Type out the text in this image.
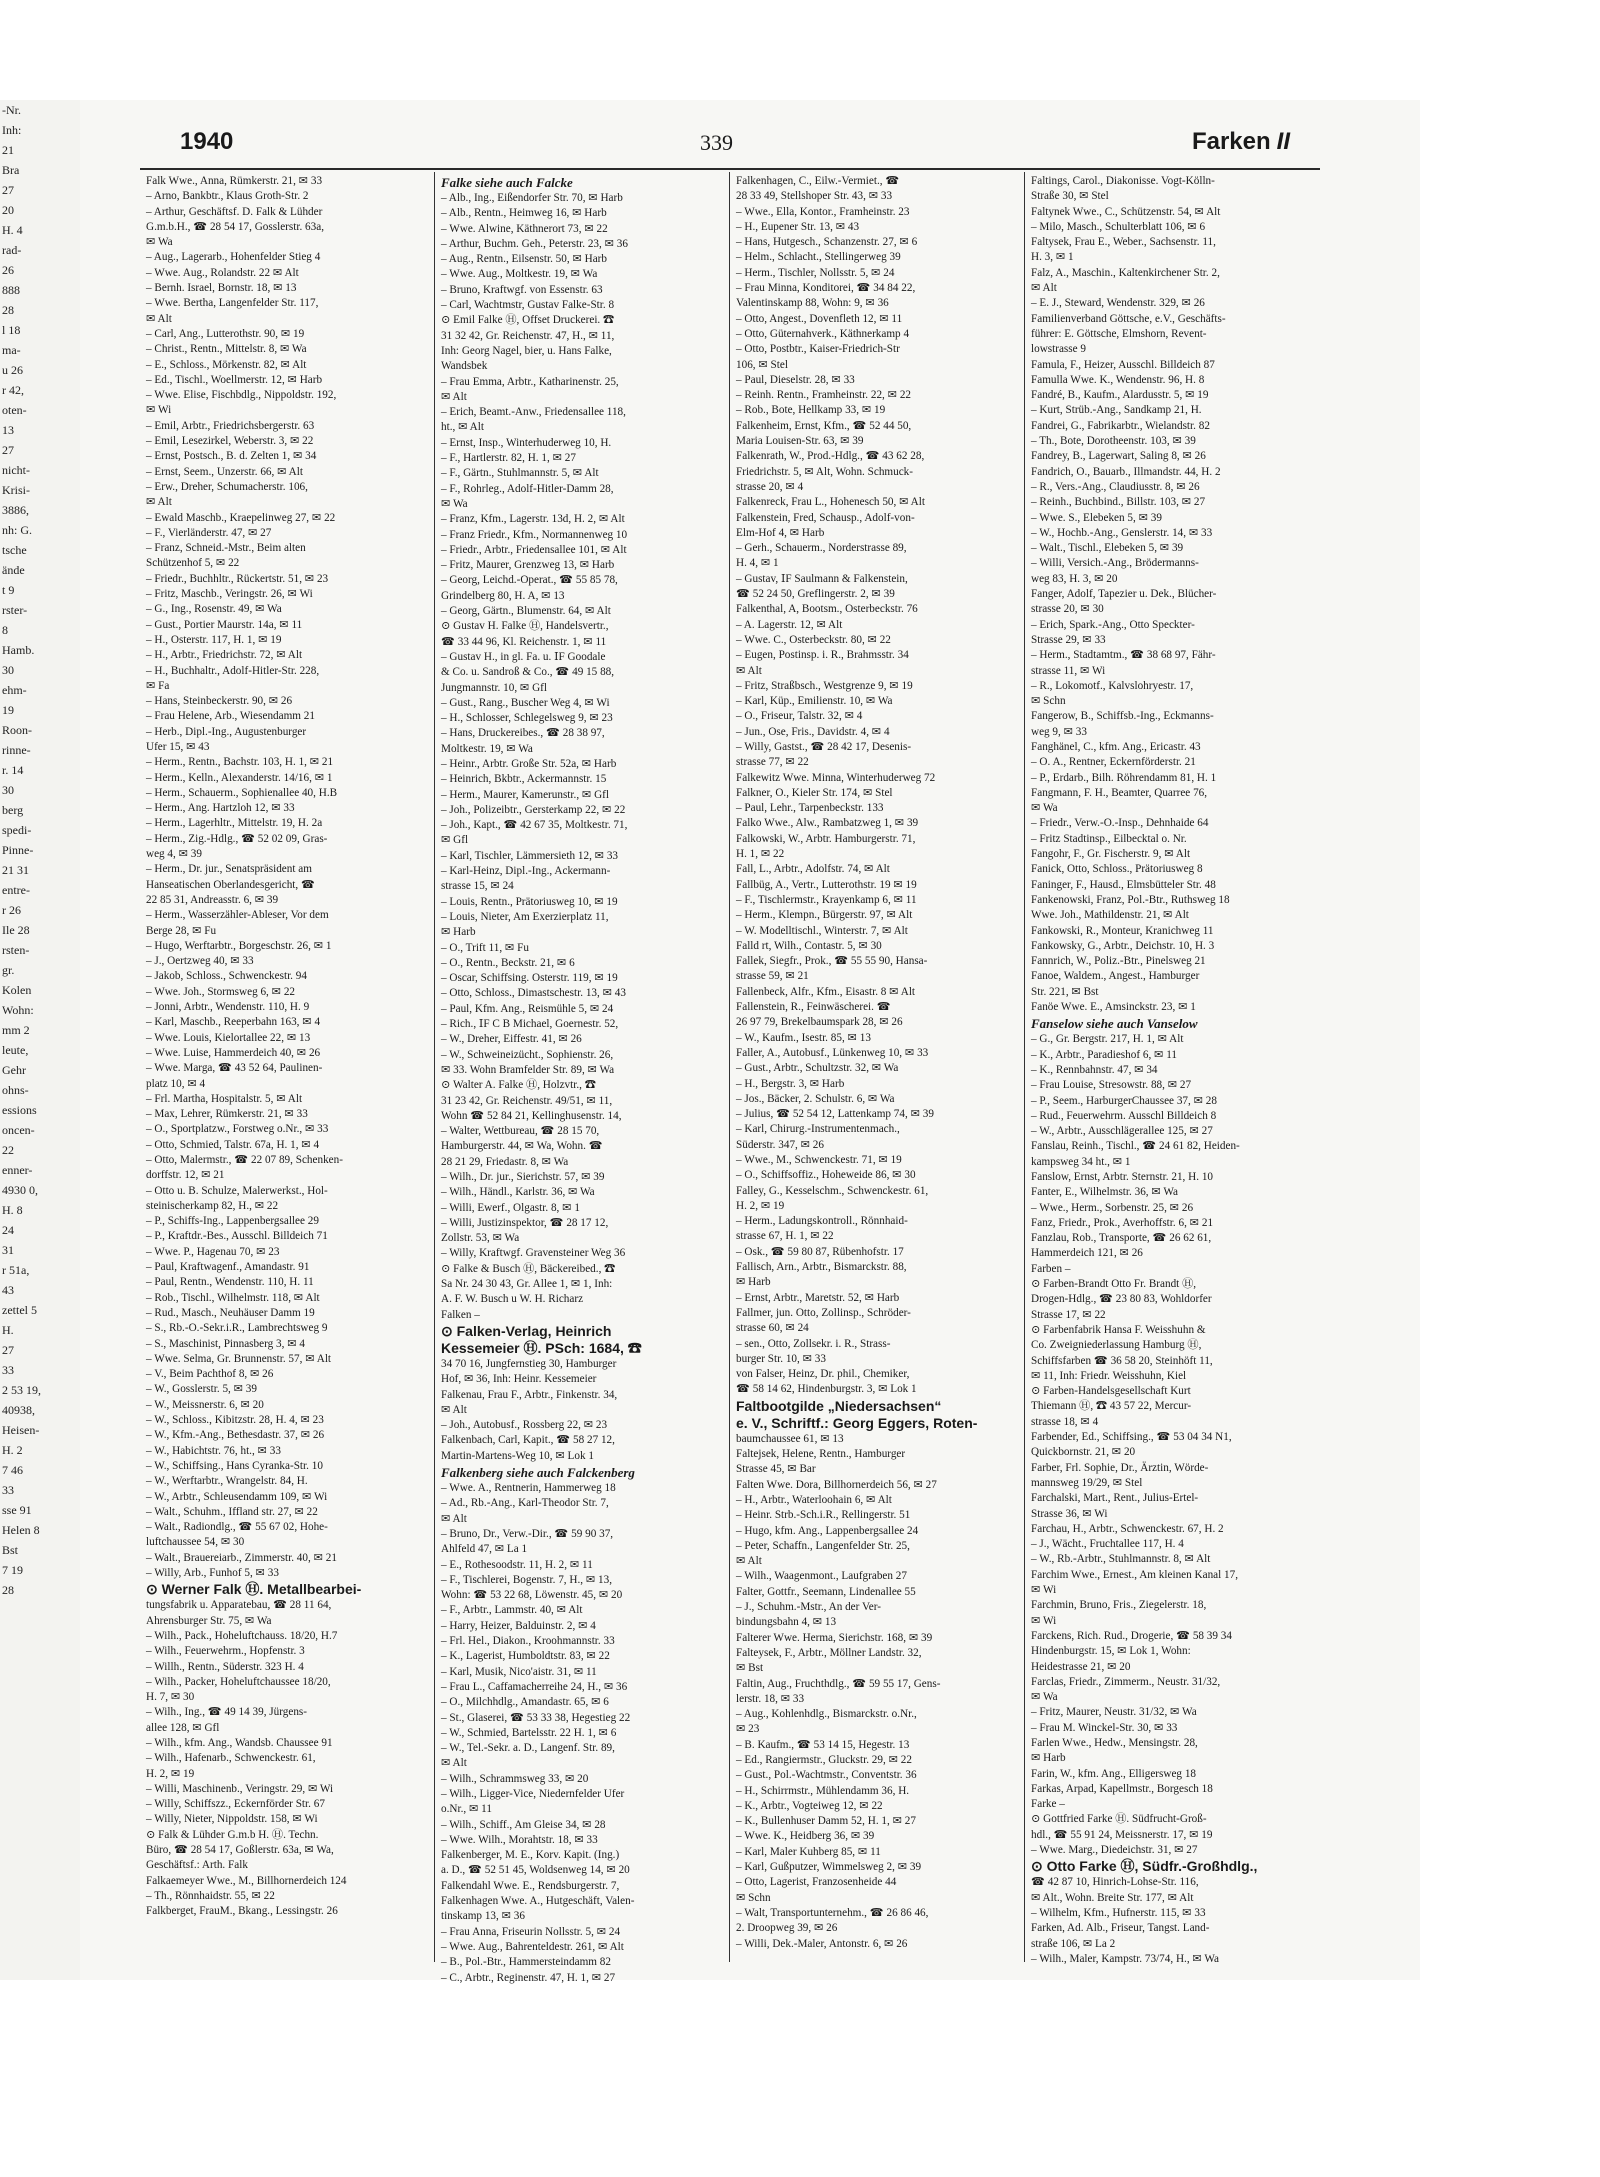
-Nr.
Inh:
21
Bra
27
20
H. 4
rad-
26
888
28
l 18
ma-
u 26
r 42,
oten-
13
27
nicht-
Krisi-
3886,
nh: G.
tsche
ände
t 9
rster-
8
Hamb.
30
ehm-
19
Roon-
rinne-
r. 14
30
berg
spedi-
Pinne-
21 31
entre-
r 26
Ile 28
rsten-
gr.
Kolen
Wohn:
mm 2
leute,
Gehr
ohns-
essions
oncen-
22
enner-
4930 0,
H. 8
24
31
r 51a,
43
zettel 5
H.
27
33
2 53 19,
40938,
Heisen-
H. 2
7 46
33
sse 91
Helen 8
Bst
7 19
28
1940	339	Farken II
Falk Wwe., Anna, Rümkerstr. 21, ✉ 33
– Arno, Bankbtr., Klaus Groth-Str. 2
– Arthur, Geschäftsf. D. Falk & Lühder
G.m.b.H., ☎ 28 54 17, Gosslerstr. 63a,
✉ Wa
– Aug., Lagerarb., Hohenfelder Stieg 4
– Wwe. Aug., Rolandstr. 22 ✉ Alt
– Bernh. Israel, Bornstr. 18, ✉ 13
– Wwe. Bertha, Langenfelder Str. 117,
✉ Alt
– Carl, Ang., Lutterothstr. 90, ✉ 19
– Christ., Rentn., Mittelstr. 8, ✉ Wa
– E., Schloss., Mörkenstr. 82, ✉ Alt
– Ed., Tischl., Woellmerstr. 12, ✉ Harb
– Wwe. Elise, Fischbdlg., Nippoldstr. 192,
✉ Wi
– Emil, Arbtr., Friedrichsbergerstr. 63
– Emil, Lesezirkel, Weberstr. 3, ✉ 22
– Ernst, Postsch., B. d. Zelten 1, ✉ 34
– Ernst, Seem., Unzerstr. 66, ✉ Alt
– Erw., Dreher, Schumacherstr. 106,
✉ Alt
– Ewald Maschb., Kraepelinweg 27, ✉ 22
– F., Vierländerstr. 47, ✉ 27
– Franz, Schneid.-Mstr., Beim alten
Schützenhof 5, ✉ 22
– Friedr., Buchhltr., Rückertstr. 51, ✉ 23
– Fritz, Maschb., Veringstr. 26, ✉ Wi
– G., Ing., Rosenstr. 49, ✉ Wa
– Gust., Portier Maurstr. 14a, ✉ 11
– H., Osterstr. 117, H. 1, ✉ 19
– H., Arbtr., Friedrichstr. 72, ✉ Alt
– H., Buchhaltr., Adolf-Hitler-Str. 228,
✉ Fa
– Hans, Steinbeckerstr. 90, ✉ 26
– Frau Helene, Arb., Wiesendamm 21
– Herb., Dipl.-Ing., Augustenburger
Ufer 15, ✉ 43
– Herm., Rentn., Bachstr. 103, H. 1, ✉ 21
– Herm., Kelln., Alexanderstr. 14/16, ✉ 1
– Herm., Schauerm., Sophienallee 40, H.B
– Herm., Ang. Hartzloh 12, ✉ 33
– Herm., Lagerhltr., Mittelstr. 19, H. 2a
– Herm., Zig.-Hdlg., ☎ 52 02 09, Gras-
weg 4, ✉ 39
– Herm., Dr. jur., Senatspräsident am
Hanseatischen Oberlandesgericht, ☎
22 85 31, Andreasstr. 6, ✉ 39
– Herm., Wasserzähler-Ableser, Vor dem
Berge 28, ✉ Fu
– Hugo, Werftarbtr., Borgeschstr. 26, ✉ 1
– J., Oertzweg 40, ✉ 33
– Jakob, Schloss., Schwenckestr. 94
– Wwe. Joh., Stormsweg 6, ✉ 22
– Jonni, Arbtr., Wendenstr. 110, H. 9
– Karl, Maschb., Reeperbahn 163, ✉ 4
– Wwe. Louis, Kielortallee 22, ✉ 13
– Wwe. Luise, Hammerdeich 40, ✉ 26
– Wwe. Marga, ☎ 43 52 64, Paulinen-
platz 10, ✉ 4
– Frl. Martha, Hospitalstr. 5, ✉ Alt
– Max, Lehrer, Rümkerstr. 21, ✉ 33
– O., Sportplatzw., Forstweg o.Nr., ✉ 33
– Otto, Schmied, Talstr. 67a, H. 1, ✉ 4
– Otto, Malermstr., ☎ 22 07 89, Schenken-
dorffstr. 12, ✉ 21
– Otto u. B. Schulze, Malerwerkst., Hol-
steinischerkamp 82, H., ✉ 22
– P., Schiffs-Ing., Lappenbergsallee 29
– P., Kraftdr.-Bes., Ausschl. Billdeich 71
– Wwe. P., Hagenau 70, ✉ 23
– Paul, Kraftwagenf., Amandastr. 91
– Paul, Rentn., Wendenstr. 110, H. 11
– Rob., Tischl., Wilhelmstr. 118, ✉ Alt
– Rud., Masch., Neuhäuser Damm 19
– S., Rb.-O.-Sekr.i.R., Lambrechtsweg 9
– S., Maschinist, Pinnasberg 3, ✉ 4
– Wwe. Selma, Gr. Brunnenstr. 57, ✉ Alt
– V., Beim Pachthof 8, ✉ 26
– W., Gosslerstr. 5, ✉ 39
– W., Meissnerstr. 6, ✉ 20
– W., Schloss., Kibitzstr. 28, H. 4, ✉ 23
– W., Kfm.-Ang., Bethesdastr. 37, ✉ 26
– W., Habichtstr. 76, ht., ✉ 33
– W., Schiffsing., Hans Cyranka-Str. 10
– W., Werftarbtr., Wrangelstr. 84, H.
– W., Arbtr., Schleusendamm 109, ✉ Wi
– Walt., Schuhm., Iffland str. 27, ✉ 22
– Walt., Radiondlg., ☎ 55 67 02, Hohe-
luftchaussee 54, ✉ 30
– Walt., Brauereiarb., Zimmerstr. 40, ✉ 21
– Willy, Arb., Funhof 5, ✉ 33
⊙ Werner Falk Ⓗ. Metallbearbei-
tungsfabrik u. Apparatebau, ☎ 28 11 64,
Ahrensburger Str. 75, ✉ Wa
– Wilh., Pack., Hoheluftchauss. 18/20, H.7
– Wilh., Feuerwehrm., Hopfenstr. 3
– Willh., Rentn., Süderstr. 323 H. 4
– Wilh., Packer, Hoheluftchaussee 18/20,
H. 7, ✉ 30
– Wilh., Ing., ☎ 49 14 39, Jürgens-
allee 128, ✉ Gfl
– Wilh., kfm. Ang., Wandsb. Chaussee 91
– Wilh., Hafenarb., Schwenckestr. 61,
H. 2, ✉ 19
– Willi, Maschinenb., Veringstr. 29, ✉ Wi
– Willy, Schiffszz., Eckernförder Str. 67
– Willy, Nieter, Nippoldstr. 158, ✉ Wi
⊙ Falk & Lühder G.m.b H. Ⓗ. Techn.
Büro, ☎ 28 54 17, Goßlerstr. 63a, ✉ Wa,
Geschäftsf.: Arth. Falk
Falkaemeyer Wwe., M., Billhornerdeich 124
– Th., Rönnhaidstr. 55, ✉ 22
Falkberget, FrauM., Bkang., Lessingstr. 26
Falke siehe auch Falcke
– Alb., Ing., Eißendorfer Str. 70, ✉ Harb
– Alb., Rentn., Heimweg 16, ✉ Harb
– Wwe. Alwine, Käthnerort 73, ✉ 22
– Arthur, Buchm. Geh., Peterstr. 23, ✉ 36
– Aug., Rentn., Eilsenstr. 50, ✉ Harb
– Wwe. Aug., Moltkestr. 19, ✉ Wa
– Bruno, Kraftwgf. von Essenstr. 63
– Carl, Wachtmstr, Gustav Falke-Str. 8
⊙ Emil Falke Ⓗ, Offset Druckerei. ☎
31 32 42, Gr. Reichenstr. 47, H., ✉ 11,
Inh: Georg Nagel, bier, u. Hans Falke,
Wandsbek
– Frau Emma, Arbtr., Katharinenstr. 25,
✉ Alt
– Erich, Beamt.-Anw., Friedensallee 118,
ht., ✉ Alt
– Ernst, Insp., Winterhuderweg 10, H.
– F., Hartlerstr. 82, H. 1, ✉ 27
– F., Gärtn., Stuhlmannstr. 5, ✉ Alt
– F., Rohrleg., Adolf-Hitler-Damm 28,
✉ Wa
– Franz, Kfm., Lagerstr. 13d, H. 2, ✉ Alt
– Franz Friedr., Kfm., Normannenweg 10
– Friedr., Arbtr., Friedensallee 101, ✉ Alt
– Fritz, Maurer, Grenzweg 13, ✉ Harb
– Georg, Leichd.-Operat., ☎ 55 85 78,
Grindelberg 80, H. A, ✉ 13
– Georg, Gärtn., Blumenstr. 64, ✉ Alt
⊙ Gustav H. Falke Ⓗ, Handelsvertr.,
☎ 33 44 96, Kl. Reichenstr. 1, ✉ 11
– Gustav H., in gl. Fa. u. ⅠF Goodale
& Co. u. Sandroß & Co., ☎ 49 15 88,
Jungmannstr. 10, ✉ Gfl
– Gust., Rang., Buscher Weg 4, ✉ Wi
– H., Schlosser, Schlegelsweg 9, ✉ 23
– Hans, Druckereibes., ☎ 28 38 97,
Moltkestr. 19, ✉ Wa
– Heinr., Arbtr. Große Str. 52a, ✉ Harb
– Heinrich, Bkbtr., Ackermannstr. 15
– Herm., Maurer, Kamerunstr., ✉ Gfl
– Joh., Polizeibtr., Gersterkamp 22, ✉ 22
– Joh., Kapt., ☎ 42 67 35, Moltkestr. 71,
✉ Gfl
– Karl, Tischler, Lämmersieth 12, ✉ 33
– Karl-Heinz, Dipl.-Ing., Ackermann-
strasse 15, ✉ 24
– Louis, Rentn., Prätoriusweg 10, ✉ 19
– Louis, Nieter, Am Exerzierplatz 11,
✉ Harb
– O., Trift 11, ✉ Fu
– O., Rentn., Beckstr. 21, ✉ 6
– Oscar, Schiffsing. Osterstr. 119, ✉ 19
– Otto, Schloss., Dimastschestr. 13, ✉ 43
– Paul, Kfm. Ang., Reismühle 5, ✉ 24
– Rich., ⅠF C B Michael, Goernestr. 52,
– W., Dreher, Eiffestr. 41, ✉ 26
– W., Schweineizücht., Sophienstr. 26,
✉ 33. Wohn Bramfelder Str. 89, ✉ Wa
⊙ Walter A. Falke Ⓗ, Holzvtr., ☎
31 23 42, Gr. Reichenstr. 49/51, ✉ 11,
Wohn ☎ 52 84 21, Kellinghusenstr. 14,
– Walter, Wettbureau, ☎ 28 15 70,
Hamburgerstr. 44, ✉ Wa, Wohn. ☎
28 21 29, Friedastr. 8, ✉ Wa
– Wilh., Dr. jur., Sierichstr. 57, ✉ 39
– Wilh., Händl., Karlstr. 36, ✉ Wa
– Willi, Ewerf., Olgastr. 8, ✉ 1
– Willi, Justizinspektor, ☎ 28 17 12,
Zollstr. 53, ✉ Wa
– Willy, Kraftwgf. Gravensteiner Weg 36
⊙ Falke & Busch Ⓗ, Bäckereibed., ☎
Sa Nr. 24 30 43, Gr. Allee 1, ✉ 1, Inh:
A. F. W. Busch u W. H. Richarz
Falken –
⊙ Falken-Verlag, Heinrich
Kessemeier Ⓗ. PSch: 1684, ☎
34 70 16, Jungfernstieg 30, Hamburger
Hof, ✉ 36, Inh: Heinr. Kessemeier
Falkenau, Frau F., Arbtr., Finkenstr. 34,
✉ Alt
– Joh., Autobusf., Rossberg 22, ✉ 23
Falkenbach, Carl, Kapit., ☎ 58 27 12,
Martin-Martens-Weg 10, ✉ Lok 1
Falkenberg siehe auch Falckenberg
– Wwe. A., Rentnerin, Hammerweg 18
– Ad., Rb.-Ang., Karl-Theodor Str. 7,
✉ Alt
– Bruno, Dr., Verw.-Dir., ☎ 59 90 37,
Ahlfeld 47, ✉ La 1
– E., Rothesoodstr. 11, H. 2, ✉ 11
– F., Tischlerei, Bogenstr. 7, H., ✉ 13,
Wohn: ☎ 53 22 68, Löwenstr. 45, ✉ 20
– F., Arbtr., Lammstr. 40, ✉ Alt
– Harry, Heizer, Balduinstr. 2, ✉ 4
– Frl. Hel., Diakon., Kroohmannstr. 33
– K., Lagerist, Humboldtstr. 83, ✉ 22
– Karl, Musik, Nico'aistr. 31, ✉ 11
– Frau L., Caffamacherreihe 24, H., ✉ 36
– O., Milchhdlg., Amandastr. 65, ✉ 6
– St., Glaserei, ☎ 53 33 38, Hegestieg 22
– W., Schmied, Bartelsstr. 22 H. 1, ✉ 6
– W., Tel.-Sekr. a. D., Langenf. Str. 89,
✉ Alt
– Wilh., Schrammsweg 33, ✉ 20
– Wilh., Ligger-Vice, Niedernfelder Ufer
o.Nr., ✉ 11
– Wilh., Schiff., Am Gleise 34, ✉ 28
– Wwe. Wilh., Morahtstr. 18, ✉ 33
Falkenberger, M. E., Korv. Kapit. (Ing.)
a. D., ☎ 52 51 45, Woldsenweg 14, ✉ 20
Falkendahl Wwe. E., Rendsburgerstr. 7,
Falkenhagen Wwe. A., Hutgeschäft, Valen-
tinskamp 13, ✉ 36
– Frau Anna, Friseurin Nollsstr. 5, ✉ 24
– Wwe. Aug., Bahrenteldestr. 261, ✉ Alt
– B., Pol.-Btr., Hammersteindamm 82
– C., Arbtr., Reginenstr. 47, H. 1, ✉ 27
Falkenhagen, C., Eilw.-Vermiet., ☎
28 33 49, Stellshoper Str. 43, ✉ 33
– Wwe., Ella, Kontor., Framheinstr. 23
– H., Eupener Str. 13, ✉ 43
– Hans, Hutgesch., Schanzenstr. 27, ✉ 6
– Helm., Schlacht., Stellingerweg 39
– Herm., Tischler, Nollsstr. 5, ✉ 24
– Frau Minna, Konditorei, ☎ 34 84 22,
Valentinskamp 88, Wohn: 9, ✉ 36
– Otto, Angest., Dovenfleth 12, ✉ 11
– Otto, Güternahverk., Käthnerkamp 4
– Otto, Postbtr., Kaiser-Friedrich-Str
106, ✉ Stel
– Paul, Dieselstr. 28, ✉ 33
– Reinh. Rentn., Framheinstr. 22, ✉ 22
– Rob., Bote, Hellkamp 33, ✉ 19
Falkenheim, Ernst, Kfm., ☎ 52 44 50,
Maria Louisen-Str. 63, ✉ 39
Falkenrath, W., Prod.-Hdlg., ☎ 43 62 28,
Friedrichstr. 5, ✉ Alt, Wohn. Schmuck-
strasse 20, ✉ 4
Falkenreck, Frau L., Hohenesch 50, ✉ Alt
Falkenstein, Fred, Schausp., Adolf-von-
Elm-Hof 4, ✉ Harb
– Gerh., Schauerm., Norderstrasse 89,
H. 4, ✉ 1
– Gustav, ⅠF Saulmann & Falkenstein,
☎ 52 24 50, Greflingerstr. 2, ✉ 39
Falkenthal, A, Bootsm., Osterbeckstr. 76
– A. Lagerstr. 12, ✉ Alt
– Wwe. C., Osterbeckstr. 80, ✉ 22
– Eugen, Postinsp. i. R., Brahmsstr. 34
✉ Alt
– Fritz, Straßbsch., Westgrenze 9, ✉ 19
– Karl, Küp., Emilienstr. 10, ✉ Wa
– O., Friseur, Talstr. 32, ✉ 4
– Jun., Ose, Fris., Davidstr. 4, ✉ 4
– Willy, Gastst., ☎ 28 42 17, Desenis-
strasse 77, ✉ 22
Falkewitz Wwe. Minna, Winterhuderweg 72
Falkner, O., Kieler Str. 174, ✉ Stel
– Paul, Lehr., Tarpenbeckstr. 133
Falko Wwe., Alw., Rambatzweg 1, ✉ 39
Falkowski, W., Arbtr. Hamburgerstr. 71,
H. 1, ✉ 22
Fall, L., Arbtr., Adolfstr. 74, ✉ Alt
Fallbüg, A., Vertr., Lutterothstr. 19 ✉ 19
– F., Tischlermstr., Krayenkamp 6, ✉ 11
– Herm., Klempn., Bürgerstr. 97, ✉ Alt
– W. Modelltischl., Winterstr. 7, ✉ Alt
Falld rt, Wilh., Contastr. 5, ✉ 30
Fallek, Siegfr., Prok., ☎ 55 55 90, Hansa-
strasse 59, ✉ 21
Fallenbeck, Alfr., Kfm., Eisastr. 8 ✉ Alt
Fallenstein, R., Feinwäscherei. ☎
26 97 79, Brekelbaumspark 28, ✉ 26
– W., Kaufm., Isestr. 85, ✉ 13
Faller, A., Autobusf., Lünkenweg 10, ✉ 33
– Gust., Arbtr., Schultzstr. 32, ✉ Wa
– H., Bergstr. 3, ✉ Harb
– Jos., Bäcker, 2. Schulstr. 6, ✉ Wa
– Julius, ☎ 52 54 12, Lattenkamp 74, ✉ 39
– Karl, Chirurg.-Instrumentenmach.,
Süderstr. 347, ✉ 26
– Wwe., M., Schwenckestr. 71, ✉ 19
– O., Schiffsoffiz., Hoheweide 86, ✉ 30
Falley, G., Kesselschm., Schwenckestr. 61,
H. 2, ✉ 19
– Herm., Ladungskontroll., Rönnhaid-
strasse 67, H. 1, ✉ 22
– Osk., ☎ 59 80 87, Rübenhofstr. 17
Fallisch, Arn., Arbtr., Bismarckstr. 88,
✉ Harb
– Ernst, Arbtr., Maretstr. 52, ✉ Harb
Fallmer, jun. Otto, Zollinsp., Schröder-
strasse 60, ✉ 24
– sen., Otto, Zollsekr. i. R., Strass-
burger Str. 10, ✉ 33
von Falser, Heinz, Dr. phil., Chemiker,
☎ 58 14 62, Hindenburgstr. 3, ✉ Lok 1
Faltbootgilde „Niedersachsen“
e. V., Schriftf.: Georg Eggers, Roten-
baumchaussee 61, ✉ 13
Faltejsek, Helene, Rentn., Hamburger
Strasse 45, ✉ Bar
Falten Wwe. Dora, Billhornerdeich 56, ✉ 27
– H., Arbtr., Waterloohain 6, ✉ Alt
– Heinr. Strb.-Sch.i.R., Rellingerstr. 51
– Hugo, kfm. Ang., Lappenbergsallee 24
– Peter, Schaffn., Langenfelder Str. 25,
✉ Alt
– Wilh., Waagenmont., Laufgraben 27
Falter, Gottfr., Seemann, Lindenallee 55
– J., Schuhm.-Mstr., An der Ver-
bindungsbahn 4, ✉ 13
Falterer Wwe. Herma, Sierichstr. 168, ✉ 39
Falteysek, F., Arbtr., Möllner Landstr. 32,
✉ Bst
Faltin, Aug., Fruchthdlg., ☎ 59 55 17, Gens-
lerstr. 18, ✉ 33
– Aug., Kohlenhdlg., Bismarckstr. o.Nr.,
✉ 23
– B. Kaufm., ☎ 53 14 15, Hegestr. 13
– Ed., Rangiermstr., Gluckstr. 29, ✉ 22
– Gust., Pol.-Wachtmstr., Conventstr. 36
– H., Schirrmstr., Mühlendamm 36, H.
– K., Arbtr., Vogteiweg 12, ✉ 22
– K., Bullenhuser Damm 52, H. 1, ✉ 27
– Wwe. K., Heidberg 36, ✉ 39
– Karl, Maler Kuhberg 85, ✉ 11
– Karl, Gußputzer, Wimmelsweg 2, ✉ 39
– Otto, Lagerist, Franzosenheide 44
✉ Schn
– Walt, Transportunternehm., ☎ 26 86 46,
2. Droopweg 39, ✉ 26
– Willi, Dek.-Maler, Antonstr. 6, ✉ 26
Faltings, Carol., Diakonisse. Vogt-Kölln-
Straße 30, ✉ Stel
Faltynek Wwe., C., Schützenstr. 54, ✉ Alt
– Milo, Masch., Schulterblatt 106, ✉ 6
Faltysek, Frau E., Weber., Sachsenstr. 11,
H. 3, ✉ 1
Falz, A., Maschin., Kaltenkirchener Str. 2,
✉ Alt
– E. J., Steward, Wendenstr. 329, ✉ 26
Familienverband Göttsche, e.V., Geschäfts-
führer: E. Göttsche, Elmshorn, Revent-
lowstrasse 9
Famula, F., Heizer, Ausschl. Billdeich 87
Famulla Wwe. K., Wendenstr. 96, H. 8
Fandré, B., Kaufm., Alardusstr. 5, ✉ 19
– Kurt, Strüb.-Ang., Sandkamp 21, H.
Fandrei, G., Fabrikarbtr., Wielandstr. 82
– Th., Bote, Dorotheenstr. 103, ✉ 39
Fandrey, B., Lagerwart, Saling 8, ✉ 26
Fandrich, O., Bauarb., Illmandstr. 44, H. 2
– R., Vers.-Ang., Claudiusstr. 8, ✉ 26
– Reinh., Buchbind., Billstr. 103, ✉ 27
– Wwe. S., Elebeken 5, ✉ 39
– W., Hochb.-Ang., Genslerstr. 14, ✉ 33
– Walt., Tischl., Elebeken 5, ✉ 39
– Willi, Versich.-Ang., Brödermanns-
weg 83, H. 3, ✉ 20
Fanger, Adolf, Tapezier u. Dek., Blücher-
strasse 20, ✉ 30
– Erich, Spark.-Ang., Otto Speckter-
Strasse 29, ✉ 33
– Herm., Stadtamtm., ☎ 38 68 97, Fähr-
strasse 11, ✉ Wi
– R., Lokomotf., Kalvslohryestr. 17,
✉ Schn
Fangerow, B., Schiffsb.-Ing., Eckmanns-
weg 9, ✉ 33
Fanghänel, C., kfm. Ang., Ericastr. 43
– O. A., Rentner, Eckernförderstr. 21
– P., Erdarb., Bilh. Röhrendamm 81, H. 1
Fangmann, F. H., Beamter, Quarree 76,
✉ Wa
– Friedr., Verw.-O.-Insp., Dehnhaide 64
– Fritz Stadtinsp., Eilbecktal o. Nr.
Fangohr, F., Gr. Fischerstr. 9, ✉ Alt
Fanick, Otto, Schloss., Prätoriusweg 8
Faninger, F., Hausd., Elmsbütteler Str. 48
Fankenowski, Franz, Pol.-Btr., Ruthsweg 18
Wwe. Joh., Mathildenstr. 21, ✉ Alt
Fankowski, R., Monteur, Kranichweg 11
Fankowsky, G., Arbtr., Deichstr. 10, H. 3
Fannrich, W., Poliz.-Btr., Pinelsweg 21
Fanoe, Waldem., Angest., Hamburger
Str. 221, ✉ Bst
Fanöe Wwe. E., Amsinckstr. 23, ✉ 1
Fanselow siehe auch Vanselow
– G., Gr. Bergstr. 217, H. 1, ✉ Alt
– K., Arbtr., Paradieshof 6, ✉ 11
– K., Rennbahnstr. 47, ✉ 34
– Frau Louise, Stresowstr. 88, ✉ 27
– P., Seem., HarburgerChaussee 37, ✉ 28
– Rud., Feuerwehrm. Ausschl Billdeich 8
– W., Arbtr., Ausschlägerallee 125, ✉ 27
Fanslau, Reinh., Tischl., ☎ 24 61 82, Heiden-
kampsweg 34 ht., ✉ 1
Fanslow, Ernst, Arbtr. Sternstr. 21, H. 10
Fanter, E., Wilhelmstr. 36, ✉ Wa
– Wwe., Herm., Sorbenstr. 25, ✉ 26
Fanz, Friedr., Prok., Averhoffstr. 6, ✉ 21
Fanzlau, Rob., Transporte, ☎ 26 62 61,
Hammerdeich 121, ✉ 26
Farben –
⊙ Farben-Brandt Otto Fr. Brandt Ⓗ,
Drogen-Hdlg., ☎ 23 80 83, Wohldorfer
Strasse 17, ✉ 22
⊙ Farbenfabrik Hansa F. Weisshuhn &
Co. Zweigniederlassung Hamburg Ⓗ,
Schiffsfarben ☎ 36 58 20, Steinhöft 11,
✉ 11, Inh: Friedr. Weisshuhn, Kiel
⊙ Farben-Handelsgesellschaft Kurt
Thiemann Ⓗ, ☎ 43 57 22, Mercur-
strasse 18, ✉ 4
Farbender, Ed., Schiffsing., ☎ 53 04 34 N1,
Quickbornstr. 21, ✉ 20
Farber, Frl. Sophie, Dr., Ärztin, Wörde-
mannsweg 19/29, ✉ Stel
Farchalski, Mart., Rent., Julius-Ertel-
Strasse 36, ✉ Wi
Farchau, H., Arbtr., Schwenckestr. 67, H. 2
– J., Wächt., Fruchtallee 117, H. 4
– W., Rb.-Arbtr., Stuhlmannstr. 8, ✉ Alt
Farchim Wwe., Ernest., Am kleinen Kanal 17,
✉ Wi
Farchmin, Bruno, Fris., Ziegelerstr. 18,
✉ Wi
Farckens, Rich. Rud., Drogerie, ☎ 58 39 34
Hindenburgstr. 15, ✉ Lok 1, Wohn:
Heidestrasse 21, ✉ 20
Farclas, Friedr., Zimmerm., Neustr. 31/32,
✉ Wa
– Fritz, Maurer, Neustr. 31/32, ✉ Wa
– Frau M. Winckel-Str. 30, ✉ 33
Farlen Wwe., Hedw., Mensingstr. 28,
✉ Harb
Farin, W., kfm. Ang., Elligersweg 18
Farkas, Arpad, Kapellmstr., Borgesch 18
Farke –
⊙ Gottfried Farke Ⓗ. Südfrucht-Groß-
hdl., ☎ 55 91 24, Meissnerstr. 17, ✉ 19
– Wwe. Marg., Diedeichstr. 31, ✉ 27
⊙ Otto Farke Ⓗ, Südfr.-Großhdlg.,
☎ 42 87 10, Hinrich-Lohse-Str. 116,
✉ Alt., Wohn. Breite Str. 177, ✉ Alt
– Wilhelm, Kfm., Hufnerstr. 115, ✉ 33
Farken, Ad. Alb., Friseur, Tangst. Land-
straße 106, ✉ La 2
– Wilh., Maler, Kampstr. 73/74, H., ✉ Wa
